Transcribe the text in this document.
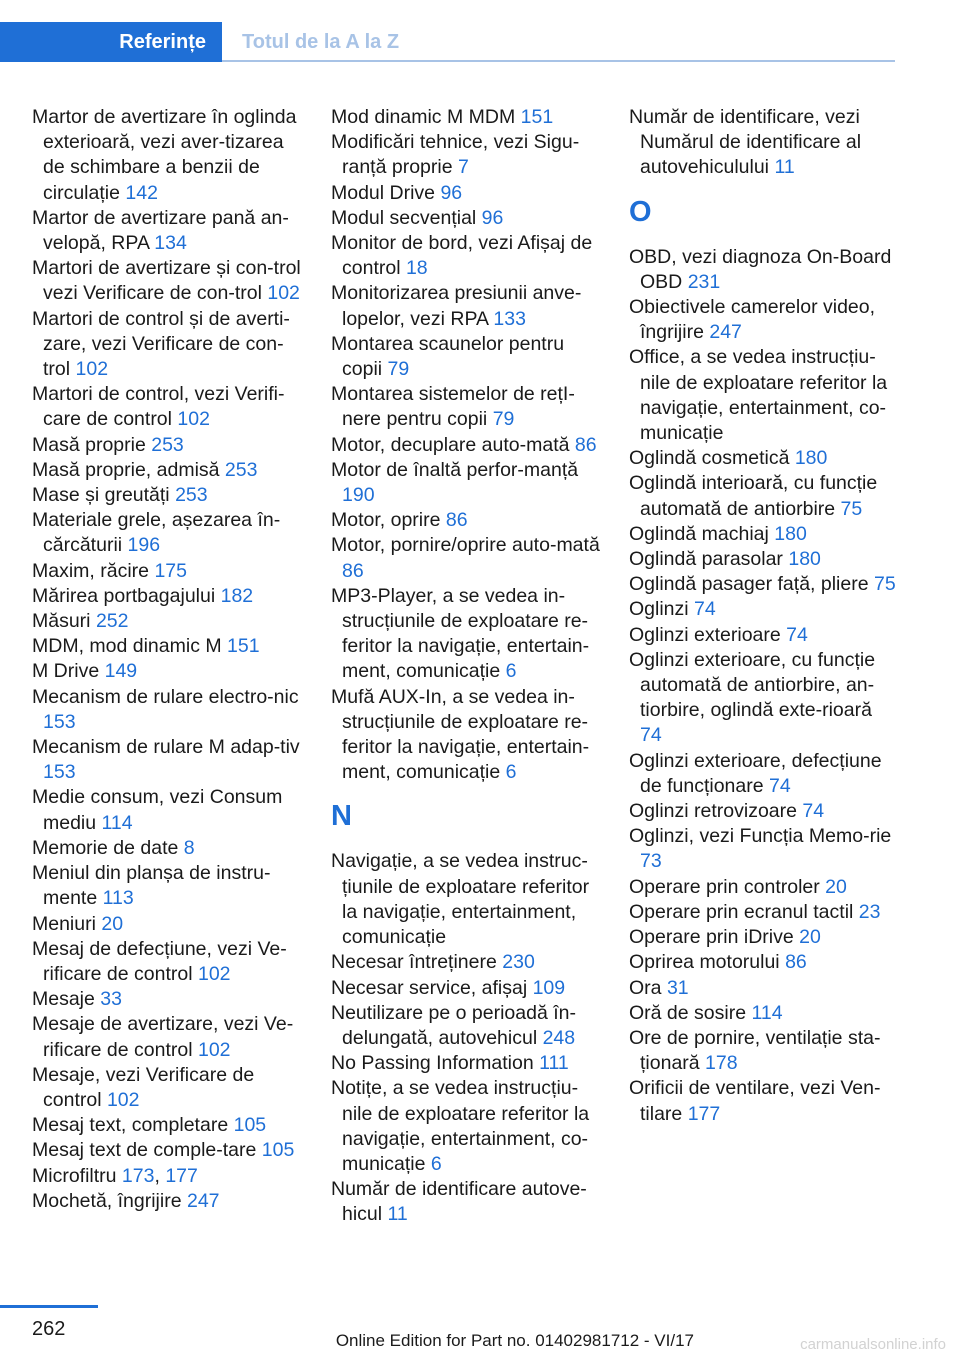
Referințe	Totul de la A la Z
Martor de avertizare în oglinda exterioară, vezi aver-tizarea de schimbare a benzii de circulație 142
Martor de avertizare pană an-velopă, RPA 134
Martori de avertizare și con-trol vezi Verificare de con-trol 102
Martori de control și de averti-zare, vezi Verificare de con-trol 102
Martori de control, vezi Verifi-care de control 102
Masă proprie 253
Masă proprie, admisă 253
Mase și greutăți 253
Materiale grele, așezarea în-cărcăturii 196
Maxim, răcire 175
Mărirea portbagajului 182
Măsuri 252
MDM, mod dinamic M 151
M Drive 149
Mecanism de rulare electro-nic 153
Mecanism de rulare M adap-tiv 153
Medie consum, vezi Consum mediu 114
Memorie de date 8
Meniul din planșa de instru-mente 113
Meniuri 20
Mesaj de defecțiune, vezi Ve-rificare de control 102
Mesaje 33
Mesaje de avertizare, vezi Ve-rificare de control 102
Mesaje, vezi Verificare de control 102
Mesaj text, completare 105
Mesaj text de comple-tare 105
Microfiltru 173, 177
Mochetă, îngrijire 247
Mod dinamic M MDM 151
Modificări tehnice, vezi Sigu-ranță proprie 7
Modul Drive 96
Modul secvențial 96
Monitor de bord, vezi Afișaj de control 18
Monitorizarea presiunii anve-lopelor, vezi RPA 133
Montarea scaunelor pentru copii 79
Montarea sistemelor de rețI-nere pentru copii 79
Motor, decuplare auto-mată 86
Motor de înaltă perfor-manță 190
Motor, oprire 86
Motor, pornire/oprire auto-mată 86
MP3-Player, a se vedea in-strucțiunile de exploatare re-feritor la navigație, entertain-ment, comunicație 6
Mufă AUX-In, a se vedea in-strucțiunile de exploatare re-feritor la navigație, entertain-ment, comunicație 6
N
Navigație, a se vedea instruc-țiunile de exploatare referitor la navigație, entertainment, comunicație
Necesar întreținere 230
Necesar service, afișaj 109
Neutilizare pe o perioadă în-delungată, autovehicul 248
No Passing Information 111
Notițe, a se vedea instrucțiu-nile de exploatare referitor la navigație, entertainment, co-municație 6
Număr de identificare autove-hicul 11
Număr de identificare, vezi Numărul de identificare al autovehiculului 11
O
OBD, vezi diagnoza On-Board OBD 231
Obiectivele camerelor video, îngrijire 247
Office, a se vedea instrucțiu-nile de exploatare referitor la navigație, entertainment, co-municație
Oglindă cosmetică 180
Oglindă interioară, cu funcție automată de antiorbire 75
Oglindă machiaj 180
Oglindă parasolar 180
Oglindă pasager față, pliere 75
Oglinzi 74
Oglinzi exterioare 74
Oglinzi exterioare, cu funcție automată de antiorbire, an-tiorbire, oglindă exte-rioară 74
Oglinzi exterioare, defecțiune de funcționare 74
Oglinzi retrovizoare 74
Oglinzi, vezi Funcția Memo-rie 73
Operare prin controler 20
Operare prin ecranul tactil 23
Operare prin iDrive 20
Oprirea motorului 86
Ora 31
Oră de sosire 114
Ore de pornire, ventilație sta-ționară 178
Orificii de ventilare, vezi Ven-tilare 177
262
Online Edition for Part no. 01402981712 - VI/17	carmanualsonline.info
